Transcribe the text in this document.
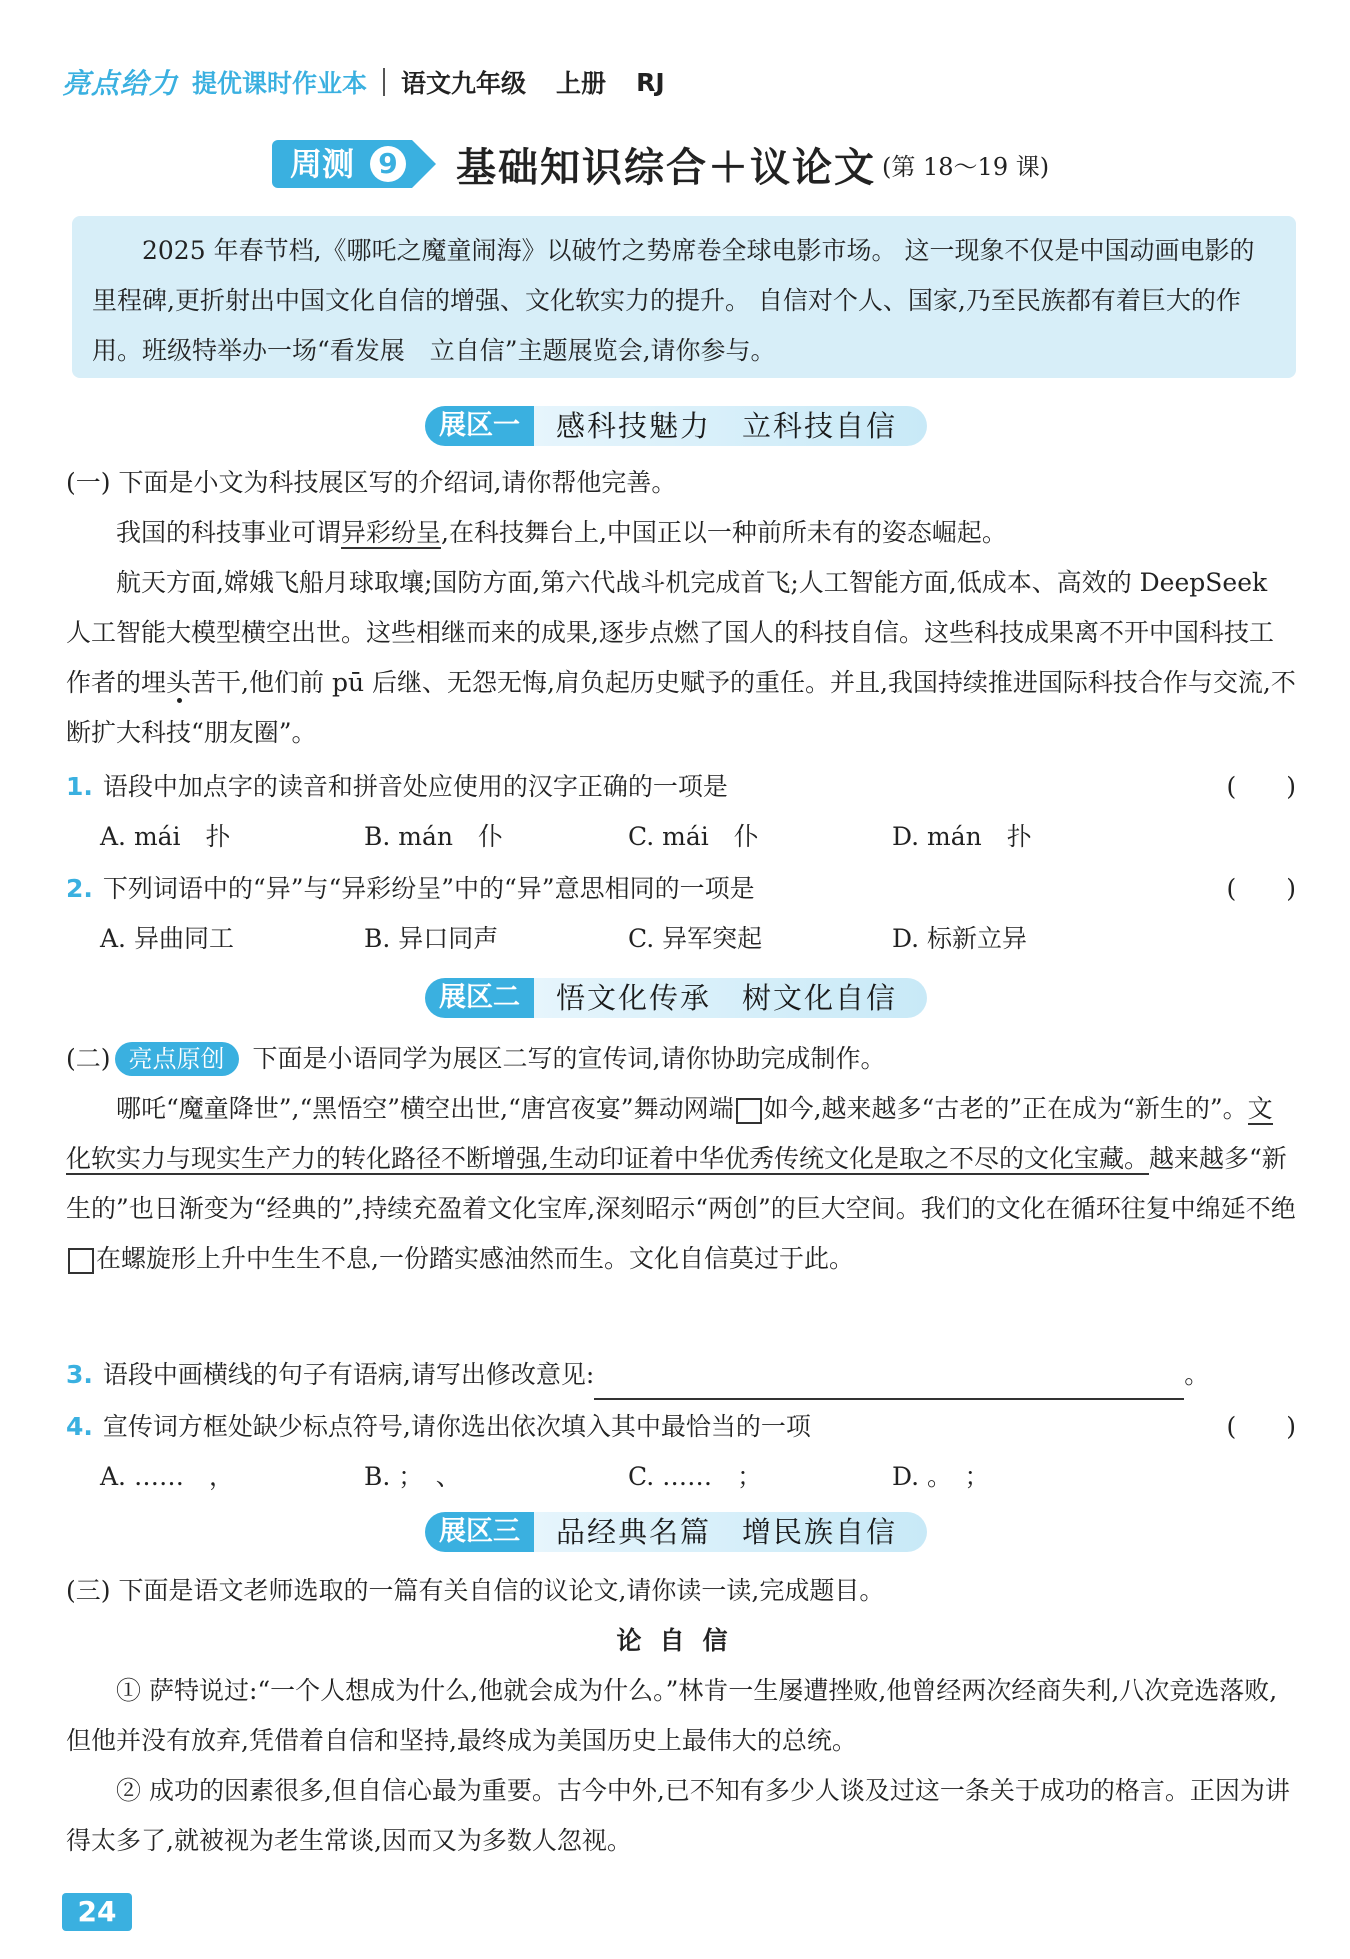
亮点给力 提优课时作业本 语文九年级 上册 RJ
周测 9 基础知识综合＋议论文 (第 18～19 课)

2025 年春节档,《哪吒之魔童闹海》以破竹之势席卷全球电影市场。 这一现象不仅是中国动画电影的里程碑,更折射出中国文化自信的增强、文化软实力的提升。 自信对个人、国家,乃至民族都有着巨大的作用。班级特举办一场“看发展　立自信”主题展览会,请你参与。

展区一	感科技魅力　立科技自信

(一) 下面是小文为科技展区写的介绍词,请你帮他完善。

我国的科技事业可谓异彩纷呈,在科技舞台上,中国正以一种前所未有的姿态崛起。

航天方面,嫦娥飞船月球取壤;国防方面,第六代战斗机完成首飞;人工智能方面,低成本、高效的 DeepSeek 人工智能大模型横空出世。这些相继而来的成果,逐步点燃了国人的科技自信。这些科技成果离不开中国科技工作者的埋头苦干,他们前 pū 后继、无怨无悔,肩负起历史赋予的重任。并且,我国持续推进国际科技合作与交流,不断扩大科技“朋友圈”。

1. 语段中加点字的读音和拼音处应使用的汉字正确的一项是	(　　)
A. mái　扑	B. mán　仆	C. mái　仆	D. mán　扑
2. 下列词语中的“异”与“异彩纷呈”中的“异”意思相同的一项是	(　　)
A. 异曲同工	B. 异口同声	C. 异军突起	D. 标新立异
展区二	悟文化传承　树文化自信

(二) 亮点原创 下面是小语同学为展区二写的宣传词,请你协助完成制作。

哪吒“魔童降世”,“黑悟空”横空出世,“唐宫夜宴”舞动网端 如今,越来越多“古老的”正在成为“新生的”。文化软实力与现实生产力的转化路径不断增强,生动印证着中华优秀传统文化是取之不尽的文化宝藏。越来越多“新生的”也日渐变为“经典的”,持续充盈着文化宝库,深刻昭示“两创”的巨大空间。我们的文化在循环往复中绵延不绝在螺旋形上升中生生不息,一份踏实感油然而生。文化自信莫过于此。

3. 语段中画横线的句子有语病,请写出修改意见:	。
4. 宣传词方框处缺少标点符号,请你选出依次填入其中最恰当的一项	(　　)
A. ……　，	B. ；　、	C. ……　；	D. 。　；
展区三	品经典名篇　增民族自信

(三) 下面是语文老师选取的一篇有关自信的议论文,请你读一读,完成题目。

论自信

① 萨特说过:“一个人想成为什么,他就会成为什么。”林肯一生屡遭挫败,他曾经两次经商失利,八次竞选落败,但他并没有放弃,凭借着自信和坚持,最终成为美国历史上最伟大的总统。

② 成功的因素很多,但自信心最为重要。古今中外,已不知有多少人谈及过这一条关于成功的格言。正因为讲得太多了,就被视为老生常谈,因而又为多数人忽视。

24
